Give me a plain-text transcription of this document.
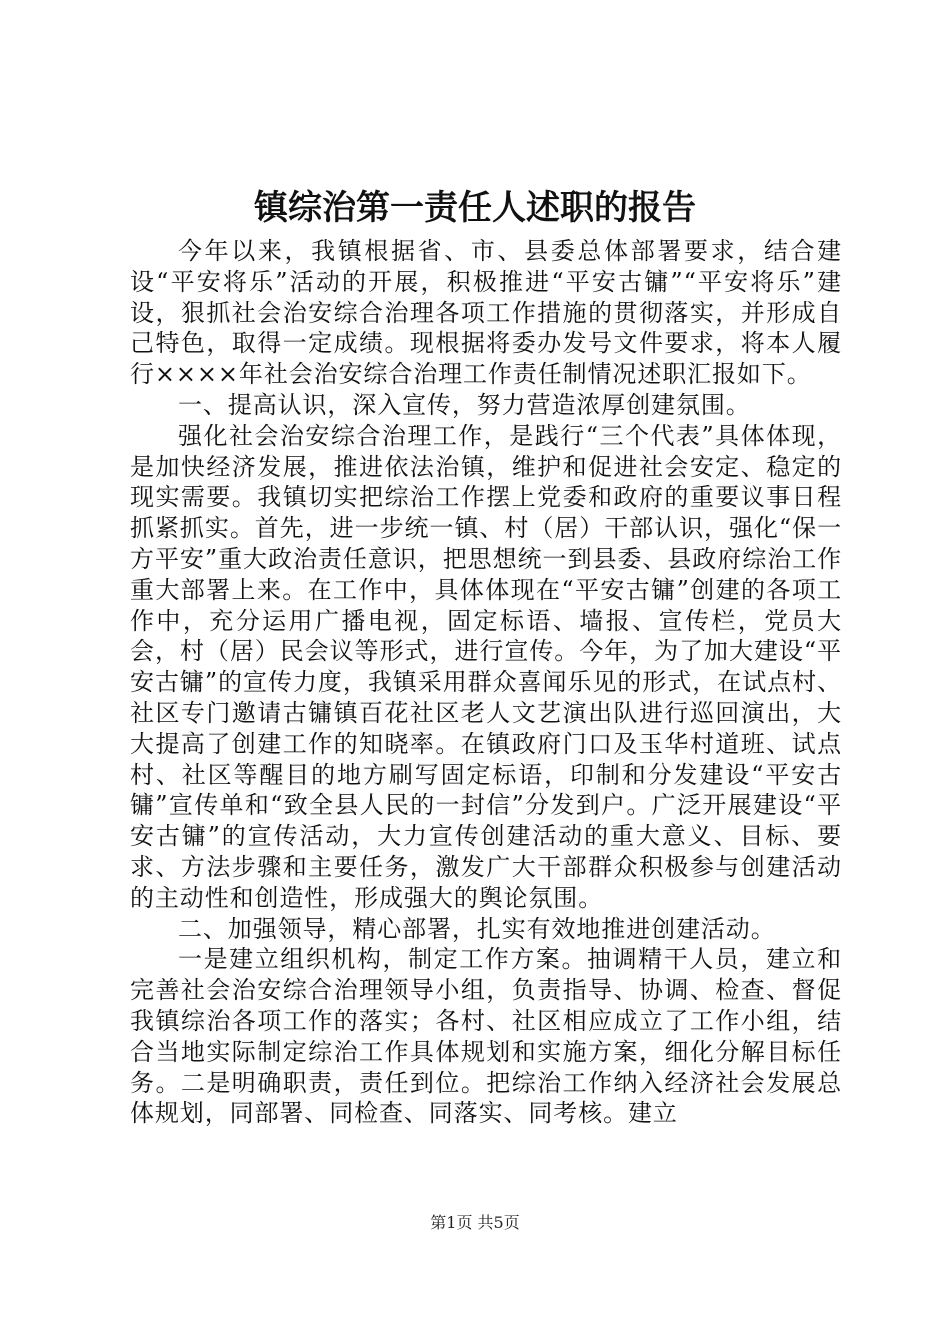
镇综治第一责任人述职的报告

今年以来，我镇根据省、市、县委总体部署要求，结合建设“平安将乐”活动的开展，积极推进“平安古镛”“平安将乐”建设，狠抓社会治安综合治理各项工作措施的贯彻落实，并形成自己特色，取得一定成绩。现根据将委办发号文件要求，将本人履行××××年社会治安综合治理工作责任制情况述职汇报如下。

一、提高认识，深入宣传，努力营造浓厚创建氛围。

强化社会治安综合治理工作，是践行“三个代表”具体体现，是加快经济发展，推进依法治镇，维护和促进社会安定、稳定的现实需要。我镇切实把综治工作摆上党委和政府的重要议事日程抓紧抓实。首先，进一步统一镇、村（居）干部认识，强化“保一方平安”重大政治责任意识，把思想统一到县委、县政府综治工作重大部署上来。在工作中，具体体现在“平安古镛”创建的各项工作中，充分运用广播电视，固定标语、墙报、宣传栏，党员大会，村（居）民会议等形式，进行宣传。今年，为了加大建设“平安古镛”的宣传力度，我镇采用群众喜闻乐见的形式，在试点村、社区专门邀请古镛镇百花社区老人文艺演出队进行巡回演出，大大提高了创建工作的知晓率。在镇政府门口及玉华村道班、试点村、社区等醒目的地方刷写固定标语，印制和分发建设“平安古镛”宣传单和“致全县人民的一封信”分发到户。广泛开展建设“平安古镛”的宣传活动，大力宣传创建活动的重大意义、目标、要求、方法步骤和主要任务，激发广大干部群众积极参与创建活动的主动性和创造性，形成强大的舆论氛围。

二、加强领导，精心部署，扎实有效地推进创建活动。

一是建立组织机构，制定工作方案。抽调精干人员，建立和完善社会治安综合治理领导小组，负责指导、协调、检查、督促我镇综治各项工作的落实；各村、社区相应成立了工作小组，结合当地实际制定综治工作具体规划和实施方案，细化分解目标任务。二是明确职责，责任到位。把综治工作纳入经济社会发展总体规划，同部署、同检查、同落实、同考核。建立

第1页 共5页
